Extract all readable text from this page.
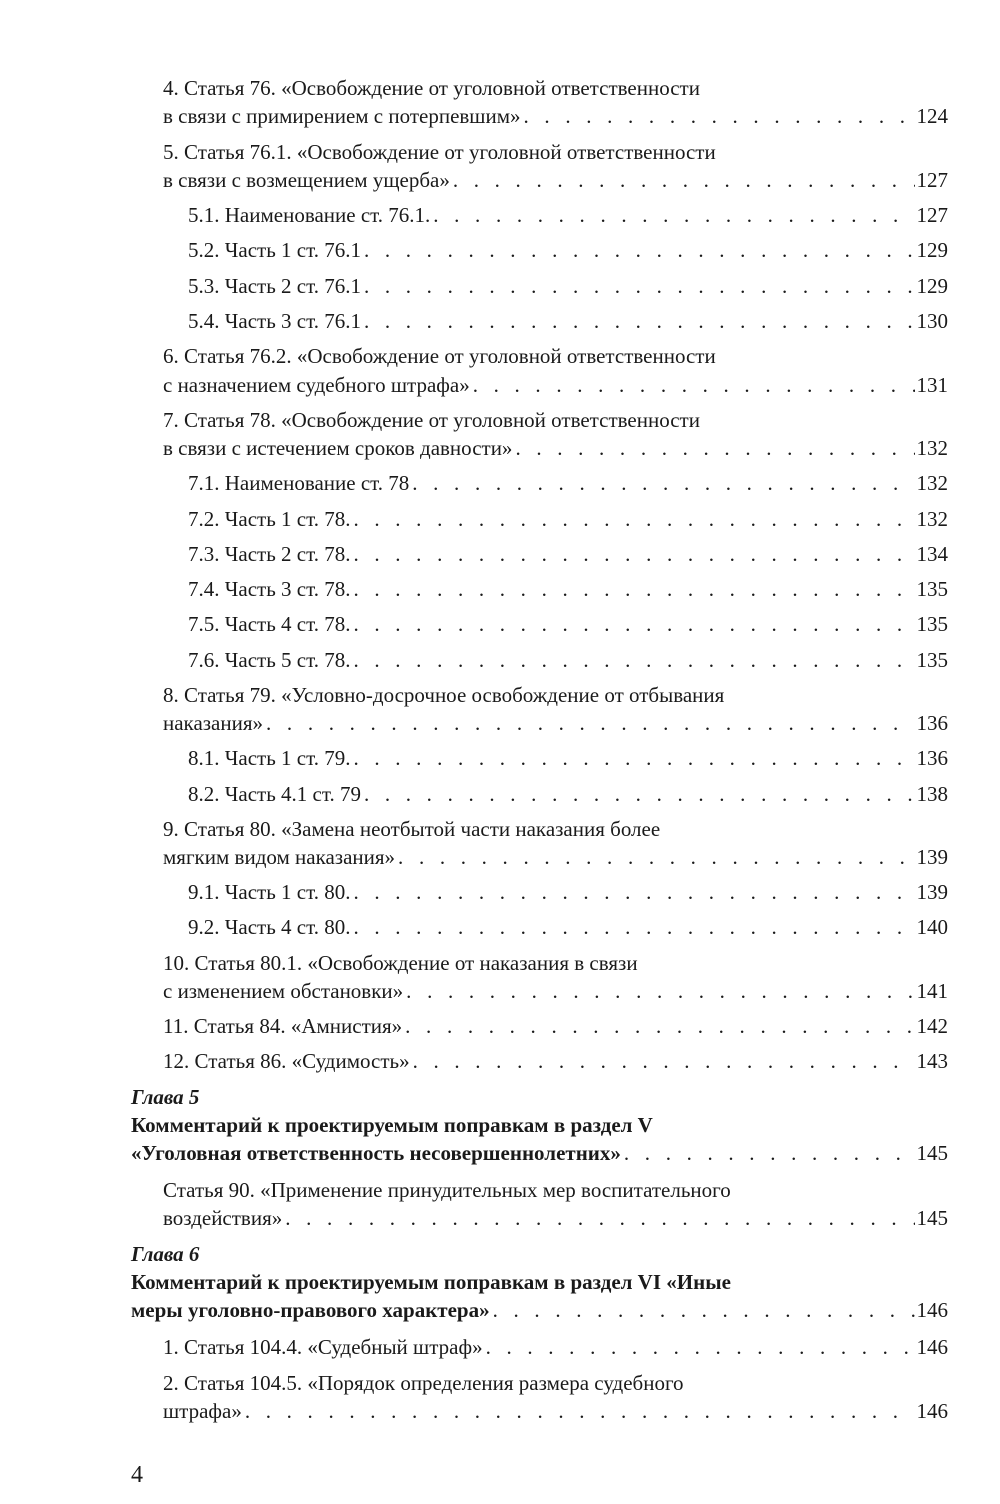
4. Статья 76. «Освобождение от уголовной ответственности
в связи с примирением с потерпевшим» . . .	124
5. Статья 76.1. «Освобождение от уголовной ответственности
в связи с возмещением ущерба» . . .	127
5.1. Наименование ст. 76.1. . . .	127
5.2. Часть 1 ст. 76.1 . . .	129
5.3. Часть 2 ст. 76.1 . . .	129
5.4. Часть 3 ст. 76.1 . . .	130
6. Статья 76.2. «Освобождение от уголовной ответственности
с назначением судебного штрафа» . . .	131
7. Статья 78. «Освобождение от уголовной ответственности
в связи с истечением сроков давности» . . .	132
7.1. Наименование ст. 78 . . .	132
7.2. Часть 1 ст. 78. . . .	132
7.3. Часть 2 ст. 78. . . .	134
7.4. Часть 3 ст. 78. . . .	135
7.5. Часть 4 ст. 78. . . .	135
7.6. Часть 5 ст. 78. . . .	135
8. Статья 79. «Условно-досрочное освобождение от отбывания
наказания» . . .	136
8.1. Часть 1 ст. 79. . . .	136
8.2. Часть 4.1 ст. 79 . . .	138
9. Статья 80. «Замена неотбытой части наказания более
мягким видом наказания» . . .	139
9.1. Часть 1 ст. 80. . . .	139
9.2. Часть 4 ст. 80. . . .	140
10. Статья 80.1. «Освобождение от наказания в связи
с изменением обстановки» . . .	141
11. Статья 84. «Амнистия» . . .	142
12. Статья 86. «Судимость» . . .	143
Глава 5
Комментарий к проектируемым поправкам в раздел V
«Уголовная ответственность несовершеннолетних» . . .	145
Статья 90. «Применение принудительных мер воспитательного
воздействия» . . .	145
Глава 6
Комментарий к проектируемым поправкам в раздел VI «Иные
меры уголовно-правового характера» . . .	146
1. Статья 104.4. «Судебный штраф» . . .	146
2. Статья 104.5. «Порядок определения размера судебного
штрафа» . . .	146
4
